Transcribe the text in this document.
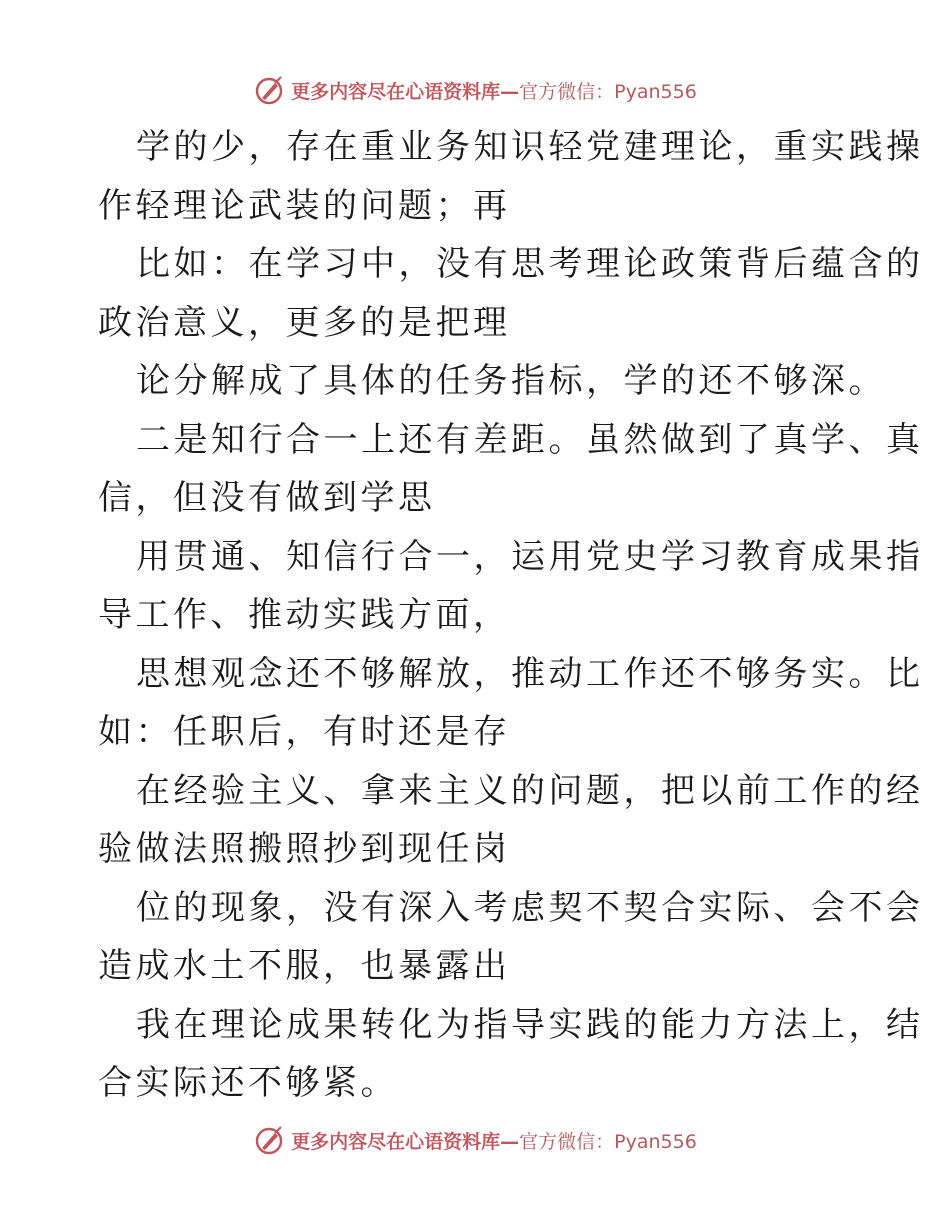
更多内容尽在心语资料库—官方微信：Pyan556

学的少，存在重业务知识轻党建理论，重实践操
作轻理论武装的问题；再

比如：在学习中，没有思考理论政策背后蕴含的
政治意义，更多的是把理

论分解成了具体的任务指标，学的还不够深。

二是知行合一上还有差距。虽然做到了真学、真
信，但没有做到学思

用贯通、知信行合一，运用党史学习教育成果指
导工作、推动实践方面，

思想观念还不够解放，推动工作还不够务实。比
如：任职后，有时还是存

在经验主义、拿来主义的问题，把以前工作的经
验做法照搬照抄到现任岗

位的现象，没有深入考虑契不契合实际、会不会
造成水土不服，也暴露出

我在理论成果转化为指导实践的能力方法上，结
合实际还不够紧。

更多内容尽在心语资料库—官方微信：Pyan556
